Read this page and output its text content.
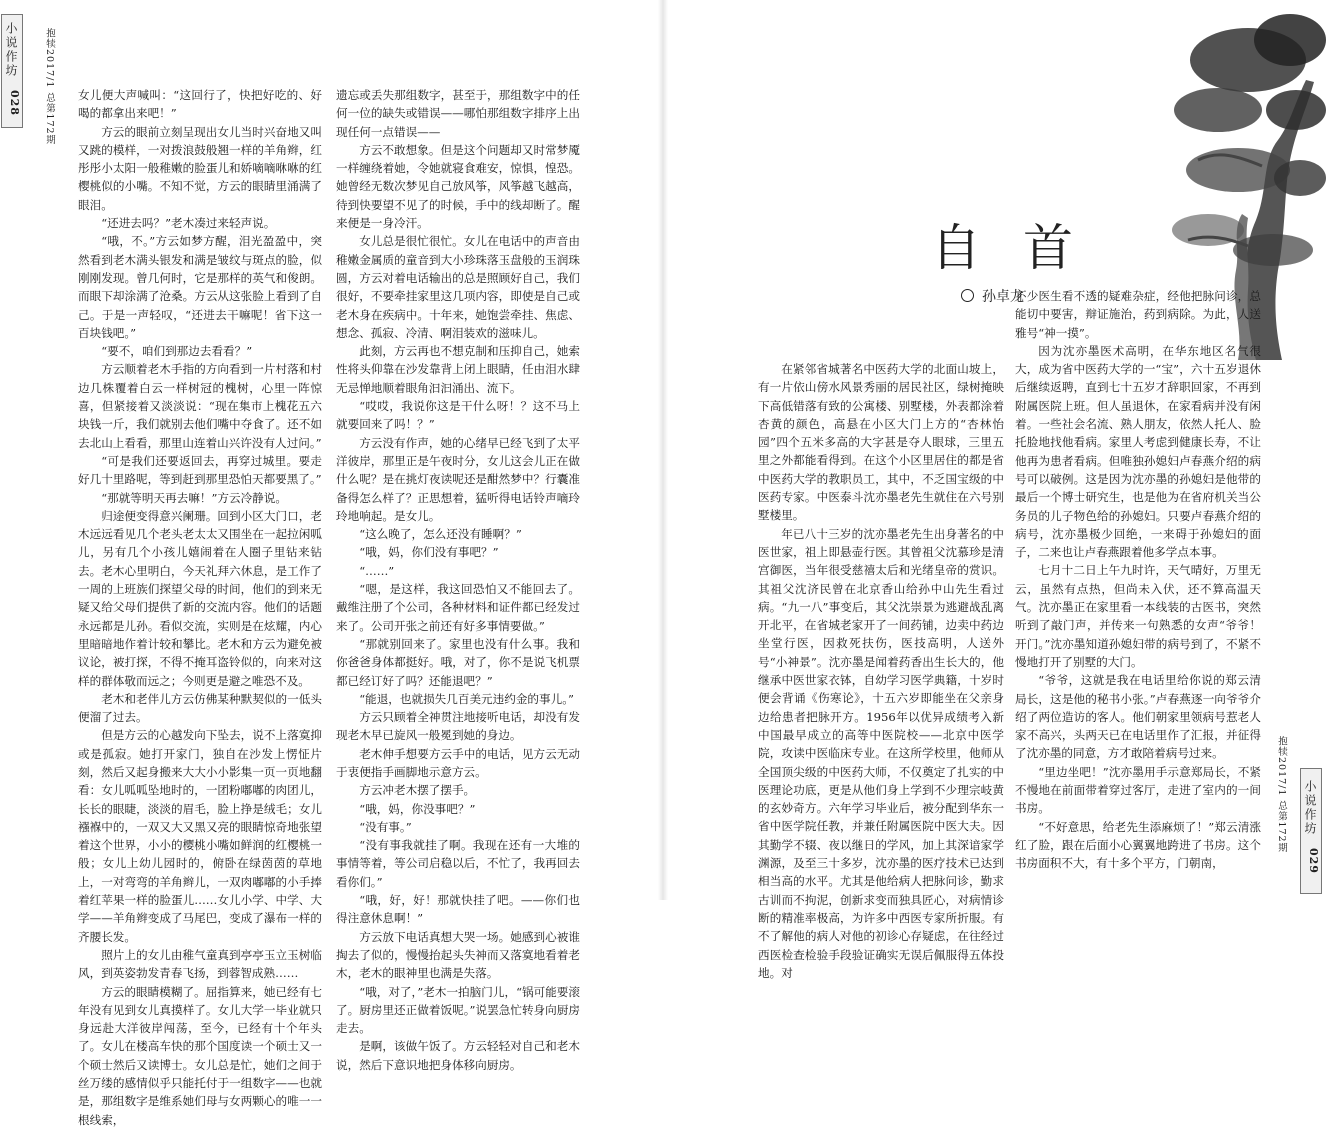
小说作坊
028 抱犊2017/1 总第172期 女儿便大声喊叫：“这回行了，快把好吃的、好喝的都拿出来吧！”

方云的眼前立刻呈现出女儿当时兴奋地又叫又跳的模样，一对拨浪鼓般翘一样的羊角辫，红彤彤小太阳一般稚嫩的脸蛋儿和娇嘀嘀咻咻的红樱桃似的小嘴。不知不觉，方云的眼睛里涌满了眼泪。

“还进去吗？”老木凑过来轻声说。

“哦，不。”方云如梦方醒，泪光盈盈中，突然看到老木满头银发和满是皱纹与斑点的脸，似刚刚发现。曾几何时，它是那样的英气和俊朗。而眼下却涂满了沧桑。方云从这张脸上看到了自己。于是一声轻叹，“还进去干嘛呢！省下这一百块钱吧。”

“要不，咱们到那边去看看？”

方云顺着老木手指的方向看到一片村落和村边几株覆着白云一样树冠的槐树，心里一阵惊喜，但紧接着又淡淡说：“现在集市上槐花五六块钱一斤，我们就别去他们嘴中夺食了。还不如去北山上看看，那里山连着山兴许没有人过问。”

“可是我们还要返回去，再穿过城里。要走好几十里路呢，等到赶到那里恐怕天都要黑了。”

“那就等明天再去嘛！”方云冷静说。

归途便变得意兴阑珊。回到小区大门口，老木远远看见几个老头老太太又围坐在一起拉闲呱儿，另有几个小孩儿嬉闹着在人圈子里钻来钻去。老木心里明白，今天礼拜六休息，是工作了一周的上班族们探望父母的时间，他们的到来无疑又给父母们提供了新的交流内容。他们的话题永远都是儿孙。看似交流，实则是在炫耀，内心里暗暗地作着计较和攀比。老木和方云为避免被议论，被打探，不得不掩耳盗铃似的，向来对这样的群体敬而远之；今则更是避之唯恐不及。

老木和老伴儿方云仿佛某种默契似的一低头便溜了过去。

但是方云的心越发向下坠去，说不上落寞抑或是孤寂。她打开家门，独自在沙发上愣怔片刻，然后又起身搬来大大小小影集一页一页地翻看：女儿呱呱坠地时的，一团粉嘟嘟的肉团儿，长长的眼睫，淡淡的眉毛，脸上挣是绒毛；女儿襁褓中的，一双又大又黑又亮的眼睛惊奇地张望着这个世界，小小的樱桃小嘴如鲜润的红樱桃一般；女儿上幼儿园时的，俯卧在绿茵茵的草地上，一对弯弯的羊角辫儿，一双肉嘟嘟的小手捧着红苹果一样的脸蛋儿……女儿小学、中学、大学——羊角辫变成了马尾巴，变成了瀑布一样的齐腰长发。

照片上的女儿由稚气童真到亭亭玉立玉树临风，到英姿勃发青春飞扬，到蓉智成熟……

方云的眼睛模糊了。屈指算来，她已经有七年没有见到女儿真摸样了。女儿大学一毕业就只身远赴大洋彼岸闯荡，至今，已经有十个年头了。女儿在楼高车快的那个国度读一个硕士又一个硕士然后又读博士。女儿总是忙，她们之间于丝万缕的感情似乎只能托付于一组数字——也就是，那组数字是维系她们母与女两颗心的唯一一根线索，

遗忘或丢失那组数字，甚至于，那组数字中的任何一位的缺失或错误——哪怕那组数字排序上出现任何一点错误——

方云不敢想象。但是这个问题却又时常梦魇一样缠绕着她，令她就寝食难安，惊惧，惶恐。她曾经无数次梦见自己放风筝，风筝越飞越高，待到快要望不见了的时候，手中的线却断了。醒来便是一身冷汗。

女儿总是很忙很忙。女儿在电话中的声音由稚嫩金属质的童音到大小珍珠落玉盘般的玉润珠圆，方云对着电话输出的总是照顾好自己，我们很好，不要牵挂家里这几项内容，即使是自己或老木身在疾病中。十年来，她饱尝牵挂、焦虑、想念、孤寂、冷清、啊泪装欢的滋味儿。

此刻，方云再也不想克制和压抑自己，她索性将头仰靠在沙发靠背上闭上眼睛，任由泪水肆无忌惮地顺着眼角汩汩涌出、流下。

“哎哎，我说你这是干什么呀！？这不马上就要回来了吗！？”

方云没有作声，她的心绪早已经飞到了太平洋彼岸，那里正是午夜时分，女儿这会儿正在做什么呢？是在挑灯夜读呢还是酣然梦中？行囊准备得怎么样了？正思想着，猛听得电话铃声嘀玲玲地响起。是女儿。

“这么晚了，怎么还没有睡啊？”

“哦，妈，你们没有事吧？”

“……”

“嗯，是这样，我这回恐怕又不能回去了。戴维注册了个公司，各种材料和证件都已经发过来了。公司开张之前还有好多事情要做。”

“那就别回来了。家里也没有什么事。我和你爸爸身体都挺好。哦，对了，你不是说飞机票都已经订好了吗？还能退吧？”

“能退，也就损失几百美元违约金的事儿。”

方云只顾着全神贯注地接听电话，却没有发现老木早已旋风一般冕到她的身边。

老木伸手想要方云手中的电话，见方云无动于衷便指手画脚地示意方云。

方云冲老木摆了摆手。

“哦，妈，你没事吧？”

“没有事。”

“没有事我就挂了啊。我现在还有一大堆的事情等着，等公司启稳以后，不忙了，我再回去看你们。”

“哦，好，好！那就快挂了吧。——你们也得注意休息啊！”

方云放下电话真想大哭一场。她感到心被谁掏去了似的，慢慢抬起头失神而又落寞地看着老木，老木的眼神里也满是失落。

“哦，对了，”老木一拍脑门儿，“锅可能要滚了。厨房里还正做着饭呢。”说罢急忙转身向厨房走去。

是啊，该做午饭了。方云轻轻对自己和老木说，然后下意识地把身体移向厨房。

自首
孙卓龙

在紧邻省城著名中医药大学的北面山坡上，有一片依山傍水风景秀丽的居民社区，绿树掩映下高低错落有致的公寓楼、别墅楼，外表都涂着杏黄的颜色，高悬在小区大门上方的“杏林怡园”四个五米多高的大字甚是夺人眼球，三里五里之外都能看得到。在这个小区里居住的都是省中医药大学的教职员工，其中，不乏国宝级的中医药专家。中医泰斗沈亦墨老先生就住在六号别墅楼里。

年已八十三岁的沈亦墨老先生出身著名的中医世家，祖上即悬壶行医。其曾祖父沈慕珍是清宫御医，当年很受慈禧太后和光绪皇帝的赏识。其祖父沈济民曾在北京香山给孙中山先生看过病。“九一八”事变后，其父沈崇景为逃避战乱离开北平，在省城老家开了一间药铺，边卖中药边坐堂行医，因救死扶伤，医技高明，人送外号“小神景”。沈亦墨是闻着药香出生长大的，他继承中医世家衣钵，自幼学习医学典籍，十岁时便会背诵《伤寒论》，十五六岁即能坐在父亲身边给患者把脉开方。1956年以优异成绩考入新中国最早成立的高等中医院校——北京中医学院，攻读中医临床专业。在这所学校里，他师从全国顶尖级的中医药大师，不仅奠定了扎实的中医理论功底，更是从他们身上学到不少理宗岐黄的玄妙奇方。六年学习毕业后，被分配到华东一省中医学院任教，并兼任附属医院中医大夫。因其勤学不辍、夜以继日的学风，加上其深谙家学渊源，及至三十多岁，沈亦墨的医疗技术已达到相当高的水平。尤其是他给病人把脉问诊，勤求古训而不拘泥，创新求变而独具匠心，对病情诊断的精准率极高，为许多中西医专家所折服。有不了解他的病人对他的初诊心存疑虑，在往经过西医检查检验手段验证确实无误后佩服得五体投地。对

不少医生看不透的疑难杂症，经他把脉问诊，总能切中要害，辩证施治，药到病除。为此，人送雅号“神一摸”。

因为沈亦墨医术高明，在华东地区名气很大，成为省中医药大学的一“宝”，六十五岁退休后继续返聘，直到七十五岁才辞职回家，不再到附属医院上班。但人虽退休，在家看病并没有闲着。一些社会名流、熟人朋友，依然人托人、脸托脸地找他看病。家里人考虑到健康长寿，不让他再为患者看病。但唯独孙媳妇卢春燕介绍的病号可以破例。这是因为沈亦墨的孙媳妇是他带的最后一个博士研究生，也是他为在省府机关当公务员的儿子物色给的孙媳妇。只要卢春燕介绍的病号，沈亦墨极少回绝，一来碍于孙媳妇的面子，二来也让卢春燕跟着他多学点本事。

七月十二日上午九时许，天气晴好，万里无云，虽然有点热，但尚未入伏，还不算高温天气。沈亦墨正在家里看一本线装的古医书，突然听到了敲门声，并传来一句熟悉的女声“爷爷！开门。”沈亦墨知道孙媳妇带的病号到了，不紧不慢地打开了别墅的大门。

“爷爷，这就是我在电话里给你说的郑云清局长，这是他的秘书小张。”卢春燕逐一向爷爷介绍了两位造访的客人。他们朝家里领病号惹老人家不高兴，头两天已在电话里作了汇报，并征得了沈亦墨的同意，方才敢陪着病号过来。

“里边坐吧！”沈亦墨用手示意郑局长，不紧不慢地在前面带着穿过客厅，走进了室内的一间书房。

“不好意思，给老先生添麻烦了！”郑云清涨红了脸，跟在后面小心翼翼地跨进了书房。这个书房面积不大，有十多个平方，门朝南，

抱犊2017/1 总第172期 小说作坊
029
